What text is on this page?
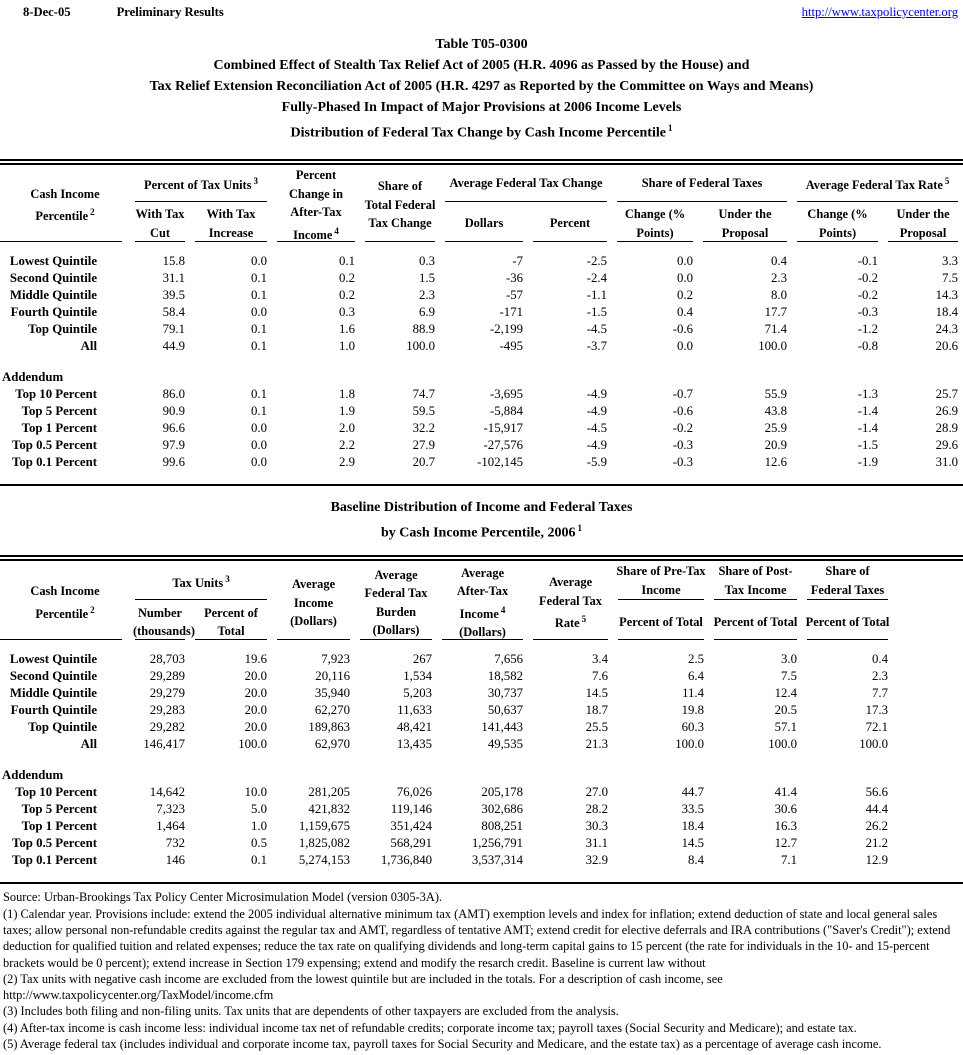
8-Dec-05	Preliminary Results	http://www.taxpolicycenter.org
Table T05-0300
Combined Effect of Stealth Tax Relief Act of 2005 (H.R. 4096 as Passed by the House) and
Tax Relief Extension Reconciliation Act of 2005 (H.R. 4297 as Reported by the Committee on Ways and Means)
Fully-Phased In Impact of Major Provisions at 2006 Income Levels
Distribution of Federal Tax Change by Cash Income Percentile $^1$
Cash Income Percentile $^2$	Percent of Tax Units $^3$		Percent Change in After-Tax Income $^4$	Share of Total Federal Tax Change	Average Federal Tax Change		Share of Federal Taxes		Average Federal Tax Rate $^5$
	With Tax Cut	With Tax Increase			Dollars	Percent	Change (% Points)	Under the Proposal	Change (% Points)	Under the Proposal
Lowest Quintile	15.8	0.0	0.1	0.3	-7	-2.5	0.0	0.4	-0.1	3.3
Second Quintile	31.1	0.1	0.2	1.5	-36	-2.4	0.0	2.3	-0.2	7.5
Middle Quintile	39.5	0.1	0.2	2.3	-57	-1.1	0.2	8.0	-0.2	14.3
Fourth Quintile	58.4	0.0	0.3	6.9	-171	-1.5	0.4	17.7	-0.3	18.4
Top Quintile	79.1	0.1	1.6	88.9	-2,199	-4.5	-0.6	71.4	-1.2	24.3
All	44.9	0.1	1.0	100.0	-495	-3.7	0.0	100.0	-0.8	20.6

Addendum										
Top 10 Percent	86.0	0.1	1.8	74.7	-3,695	-4.9	-0.7	55.9	-1.3	25.7
Top 5 Percent	90.9	0.1	1.9	59.5	-5,884	-4.9	-0.6	43.8	-1.4	26.9
Top 1 Percent	96.6	0.0	2.0	32.2	-15,917	-4.5	-0.2	25.9	-1.4	28.9
Top 0.5 Percent	97.9	0.0	2.2	27.9	-27,576	-4.9	-0.3	20.9	-1.5	29.6
Top 0.1 Percent	99.6	0.0	2.9	20.7	-102,145	-5.9	-0.3	12.6	-1.9	31.0

Baseline Distribution of Income and Federal Taxes
by Cash Income Percentile, 2006 $^1$
Cash Income Percentile $^2$	Tax Units $^3$		Average Income (Dollars)	Average Federal Tax Burden (Dollars)	Average After-Tax Income $^4$ (Dollars)	Average Federal Tax Rate $^5$	Share of Pre-Tax Income	Share of Post-Tax Income	Share of Federal Taxes	
	Number (thousands)	Percent of Total					Percent of Total	Percent of Total	Percent of Total	
Lowest Quintile	28,703	19.6	7,923	267	7,656	3.4	2.5	3.0	0.4	
Second Quintile	29,289	20.0	20,116	1,534	18,582	7.6	6.4	7.5	2.3	
Middle Quintile	29,279	20.0	35,940	5,203	30,737	14.5	11.4	12.4	7.7	
Fourth Quintile	29,283	20.0	62,270	11,633	50,637	18.7	19.8	20.5	17.3	
Top Quintile	29,282	20.0	189,863	48,421	141,443	25.5	60.3	57.1	72.1	
All	146,417	100.0	62,970	13,435	49,535	21.3	100.0	100.0	100.0	

Addendum										
Top 10 Percent	14,642	10.0	281,205	76,026	205,178	27.0	44.7	41.4	56.6	
Top 5 Percent	7,323	5.0	421,832	119,146	302,686	28.2	33.5	30.6	44.4	
Top 1 Percent	1,464	1.0	1,159,675	351,424	808,251	30.3	18.4	16.3	26.2	
Top 0.5 Percent	732	0.5	1,825,082	568,291	1,256,791	31.1	14.5	12.7	21.2	
Top 0.1 Percent	146	0.1	5,274,153	1,736,840	3,537,314	32.9	8.4	7.1	12.9	

Source: Urban-Brookings Tax Policy Center Microsimulation Model (version 0305-3A).
(1) Calendar year. Provisions include: extend the 2005 individual alternative minimum tax (AMT) exemption levels and index for inflation; extend deduction of state and local general sales taxes; allow personal non-refundable credits against the regular tax and AMT, regardless of tentative AMT; extend credit for elective deferrals and IRA contributions ("Saver's Credit"); extend deduction for qualified tuition and related expenses; reduce the tax rate on qualifying dividends and long-term capital gains to 15 percent (the rate for individuals in the 10- and 15-percent brackets would be 0 percent); extend increase in Section 179 expensing; extend and modify the resarch credit. Baseline is current law without
(2) Tax units with negative cash income are excluded from the lowest quintile but are included in the totals. For a description of cash income, see
http://www.taxpolicycenter.org/TaxModel/income.cfm
(3) Includes both filing and non-filing units. Tax units that are dependents of other taxpayers are excluded from the analysis.
(4) After-tax income is cash income less: individual income tax net of refundable credits; corporate income tax; payroll taxes (Social Security and Medicare); and estate tax.
(5) Average federal tax (includes individual and corporate income tax, payroll taxes for Social Security and Medicare, and the estate tax) as a percentage of average cash income.
